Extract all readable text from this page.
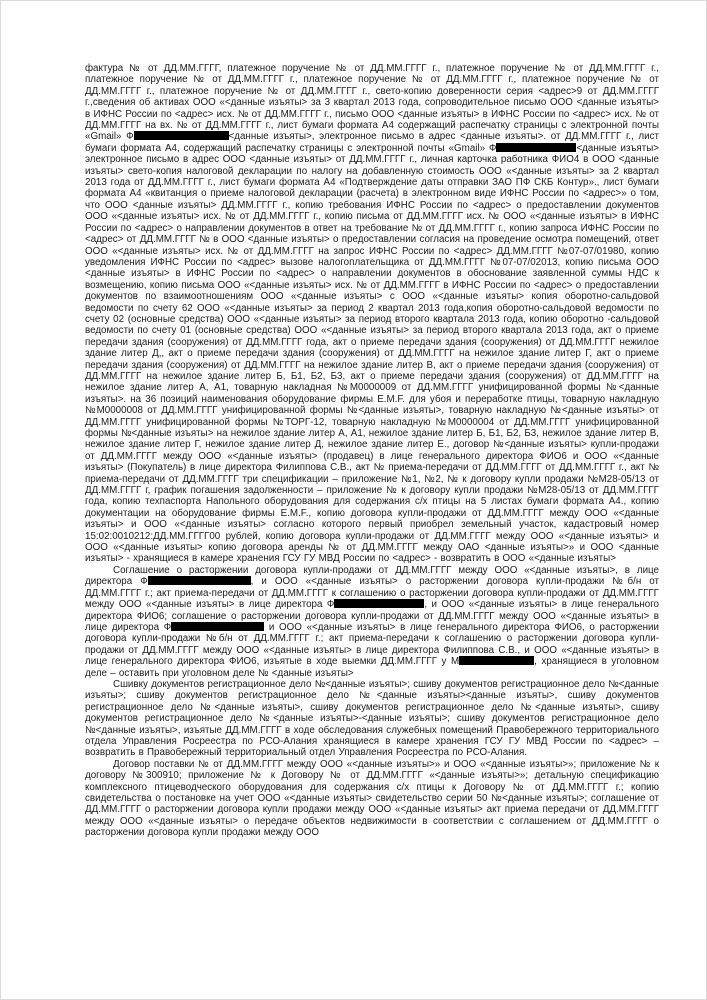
фактура № от ДД.ММ.ГГГГ, платежное поручение № от ДД.ММ.ГГГГ г., платежное поручение № от ДД.ММ.ГГГГ г., платежное поручение № от ДД.ММ.ГГГГ г., платежное поручение № от ДД.ММ.ГГГГ г., платежное поручение № от ДД.ММ.ГГГГ г., платежное поручение № от ДД.ММ.ГГГГ г., свето-копию доверенности серия <адрес>9 от ДД.ММ.ГГГГ г.,сведения об активах ООО «<данные изъяты> за 3 квартал 2013 года, сопроводительное письмо ООО <данные изъяты> в ИФНС России по <адрес> исх. № от ДД.ММ.ГГГГ г., письмо ООО <данные изъяты> в ИФНС России по <адрес> исх. № от ДД.ММ.ГГГГ на вх. № от ДД.ММ.ГГГГ г., лист бумаги формата А4 содержащий распечатку страницы с электронной почты «Gmail» Ф	<данные изъяты>, электронное письмо в адрес <данные изъяты>. от ДД.ММ.ГГГГ г., лист бумаги формата А4, содержащий распечатку страницы с электронной почты «Gmail» Ф	<данные изъяты> электронное письмо в адрес ООО <данные изъяты> от ДД.ММ.ГГГГ г., личная карточка работника ФИО4 в ООО <данные изъяты> свето-копия налоговой декларации по налогу на добавленную стоимость ООО «<данные изъяты> за 2 квартал 2013 года от ДД.ММ.ГГГГ г., лист бумаги формата А4 «Подтверждение даты отправки ЗАО ПФ СКБ Контур»., лист бумаги формата А4 «квитанция о приеме налоговой декларации (расчета) в электронном виде ИФНС России по <адрес>» о том, что ООО <данные изъяты> ДД.ММ.ГГГГ г., копию требования ИФНС России по <адрес> о предоставлении документов ООО «<данные изъяты> исх. № от ДД.ММ.ГГГГ г., копию письма от ДД.ММ.ГГГГ исх. № ООО «<данные изъяты> в ИФНС России по <адрес> о направлении документов в ответ на требование № от ДД.ММ.ГГГГ г., копию запроса ИФНС России по <адрес> от ДД.ММ.ГГГГ № в ООО <данные изъяты> о предоставлении согласия на проведение осмотра помещений, ответ ООО «<данные изъяты> исх. № от ДД.ММ.ГГГГ на запрос ИФНС России по <адрес> ДД.ММ.ГГГГ №07-07/01980, копию уведомления ИФНС России по <адрес> вызове налогоплательщика от ДД.ММ.ГГГГ №07-07/02013, копию письма ООО <данные изъяты> в ИФНС России по <адрес> о направлении документов в обоснование заявленной суммы НДС к возмещению, копию письма ООО «<данные изъяты> исх. № от ДД.ММ.ГГГГ в ИФНС России по <адрес> о предоставлении документов по взаимоотношениям ООО «<данные изъяты> с ООО «<данные изъяты> копия оборотно-сальдовой ведомости по счету 62 ООО «<данные изъяты> за период 2 квартал 2013 года,копия оборотно-сальдовой ведомости по счету 02 (основные средства) ООО «<данные изъяты> за период второго квартала 2013 года, копию оборотно -сальдовой ведомости по счету 01 (основные средства) ООО «<данные изъяты> за период второго квартала 2013 года, акт о приеме передачи здания (сооружения) от ДД.ММ.ГГГГ года, акт о приеме передачи здания (сооружения) от ДД.ММ.ГГГГ нежилое здание литер Д,, акт о приеме передачи здания (сооружения) от ДД.ММ.ГГГГ на нежилое здание литер Г, акт о приеме передачи здания (сооружения) от ДД.ММ.ГГГГ на нежилое здание литер В, акт о приеме передачи здания (сооружения) от ДД.ММ.ГГГГ на нежилое здание литер Б, Б1, Б2, Б3, акт о приеме передачи здания (сооружения) от ДД.ММ.ГГГГ на нежилое здание литер А, А1, товарную накладная №М0000009 от ДД.ММ.ГГГГ унифицированной формы №<данные изъяты>. на 36 позиций наименования оборудование фирмы E.M.F. для убоя и переработке птицы, товарную накладную №М0000008 от ДД.ММ.ГГГГ унифицированной формы №<данные изъяты>, товарную накладную №<данные изъяты> от ДД.ММ.ГГГГ унифицированной формы №ТОРГ-12, товарную накладную №М0000004 от ДД.ММ.ГГГГ унифицированной формы №<данные изъяты> на нежилое здание литер А, А1, нежилое здание литер Б, Б1, Б2, Б3, нежилое здание литер В, нежилое здание литер Г, нежилое здание литер Д, нежилое здание литер Е., договор №<данные изъяты> купли-продажи от ДД.ММ.ГГГГ между ООО «<данные изъяты> (продавец) в лице генерального директора ФИО6 и ООО «<данные изъяты> (Покупатель) в лице директора Филиппова С.В., акт № приема-передачи от ДД.ММ.ГГГГ от ДД.ММ.ГГГГ г., акт № приема-передачи от ДД.ММ.ГГГГ три спецификации – приложение №1, №2, № к договору купли продажи №М28-05/13 от ДД.ММ.ГГГГ г, график погашения задолженности – приложение № к договору купли продажи №М28-05/13 от ДД.ММ.ГГГГ года, копию техпаспорта Напольного оборудования для содержания с/х птицы на 5 листах бумаги формата А4., копию документации на оборудование фирмы E.M.F., копию договора купли-продажи от ДД.ММ.ГГГГ между ООО «<данные изъяты> и ООО «<данные изъяты> согласно которого первый приобрел земельный участок, кадастровый номер 15:02:0010212:ДД.ММ.ГГГГ00 рублей, копию договора купли-продажи от ДД.ММ.ГГГГ между ООО «<данные изъяты> и ООО «<данные изъяты> копию договора аренды № от ДД.ММ.ГГГГ между ОАО <данные изъяты>» и ООО <данные изъяты> - хранящиеся в камере хранения ГСУ ГУ МВД России по <адрес> - возвратить в ООО «<данные изъяты>

Соглашение о расторжении договора купли-продажи от ДД.ММ.ГГГГ между ООО «<данные изъяты>, в лице директора Ф	, и ООО «<данные изъяты> о расторжении договора купли-продажи №б/н от ДД.ММ.ГГГГ г.; акт приема-передачи от ДД.ММ.ГГГГ к соглашению о расторжении договора купли-продажи от ДД.ММ.ГГГГ между ООО «<данные изъяты> в лице директора Ф	, и ООО «<данные изъяты> в лице генерального директора ФИО6; соглашение о расторжении договора купли-продажи от ДД.ММ.ГГГГ между ООО «<данные изъяты> в лице директора Ф	и ООО «<данные изъяты> в лице генерального директора ФИО6, о расторжении договора купли-продажи №б/н от ДД.ММ.ГГГГ г.; акт приема-передачи к соглашению о расторжении договора купли-продажи от ДД.ММ.ГГГГ между ООО «<данные изъяты> в лице директора Филиппова С.В., и ООО «<данные изъяты> в лице генерального директора ФИО6, изъятые в ходе выемки ДД.ММ.ГГГГ у М	, хранящиеся в уголовном деле – оставить при уголовном деле № <данные изъяты>

Сшивку документов регистрационное дело №<данные изъяты>; сшиву документов регистрационное дело №<данные изъяты>; сшиву документов регистрационное дело №<данные изъяты><данные изъяты>, сшиву документов регистрационное дело №<данные изъяты>, сшиву документов регистрационное дело №<данные изъяты>, сшиву документов регистрационное дело №<данные изъяты>-<данные изъяты>; сшиву документов регистрационное дело №<данные изъяты>, изъятые ДД.ММ.ГГГГ в ходе обследования служебных помещений Правобережного территориального отдела Управления Росреестра по РСО-Алания хранящиеся в камере хранения ГСУ ГУ МВД России по <адрес> – возвратить в Правобережный территориальный отдел Управления Росреестра по РСО-Алания.

Договор поставки № от ДД.ММ.ГГГГ между ООО «<данные изъяты>» и ООО «<данные изъяты>»; приложение № к договору №300910; приложение № к Договору № от ДД.ММ.ГГГГ «<данные изъяты>»; детальную спецификацию комплексного птицеводческого оборудования для содержания с/х птицы к Договору № от ДД.ММ.ГГГГ г.; копию свидетельства о постановке на учет ООО «<данные изъяты> свидетельство серии 50 №<данные изъяты>; соглашение от ДД.ММ.ГГГГ о расторжении договора купли продажи между ООО «<данные изъяты> акт приема передачи от ДД.ММ.ГГГГ между ООО «<данные изъяты> о передаче объектов недвижимости в соответствии с соглашением от ДД.ММ.ГГГГ о расторжении договора купли продажи между ООО
